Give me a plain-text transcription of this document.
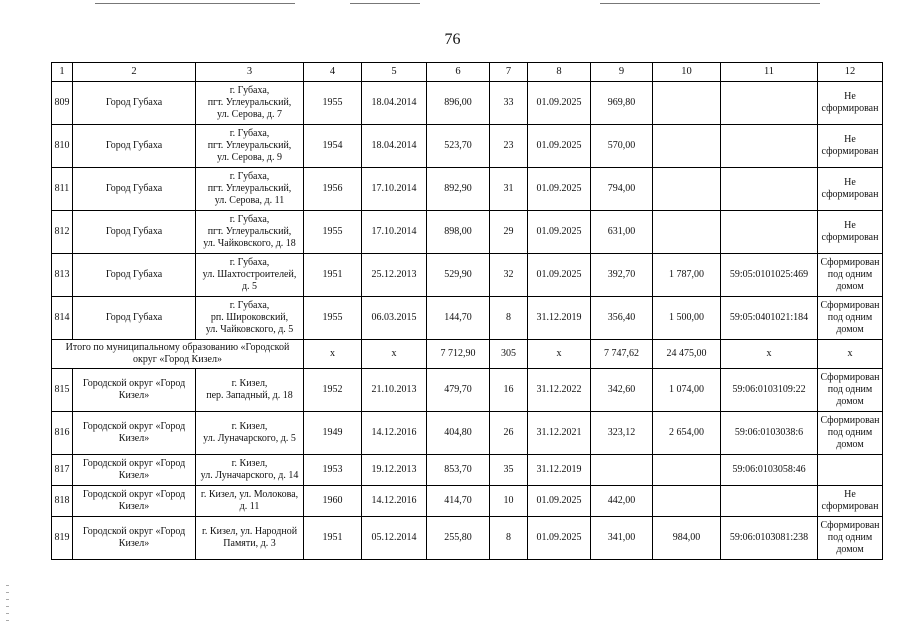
76
1	2	3	4	5	6	7	8	9	10	11	12
809	Город Губаха	г. Губаха,
пгт. Углеуральский,
ул. Серова, д. 7	1955	18.04.2014	896,00	33	01.09.2025	969,80			Не
сформирован
810	Город Губаха	г. Губаха,
пгт. Углеуральский,
ул. Серова, д. 9	1954	18.04.2014	523,70	23	01.09.2025	570,00			Не
сформирован
811	Город Губаха	г. Губаха,
пгт. Углеуральский,
ул. Серова, д. 11	1956	17.10.2014	892,90	31	01.09.2025	794,00			Не
сформирован
812	Город Губаха	г. Губаха,
пгт. Углеуральский,
ул. Чайковского, д. 18	1955	17.10.2014	898,00	29	01.09.2025	631,00			Не
сформирован
813	Город Губаха	г. Губаха,
ул. Шахтостроителей,
д. 5	1951	25.12.2013	529,90	32	01.09.2025	392,70	1 787,00	59:05:0101025:469	Сформирован
под одним
домом
814	Город Губаха	г. Губаха,
рп. Широковский,
ул. Чайковского, д. 5	1955	06.03.2015	144,70	8	31.12.2019	356,40	1 500,00	59:05:0401021:184	Сформирован
под одним
домом
Итого по муниципальному образованию «Городской округ «Город Кизел»			х	х	7 712,90	305	х	7 747,62	24 475,00	х	х
815	Городской округ «Город Кизел»	г. Кизел,
пер. Западный, д. 18	1952	21.10.2013	479,70	16	31.12.2022	342,60	1 074,00	59:06:0103109:22	Сформирован
под одним
домом
816	Городской округ «Город Кизел»	г. Кизел,
ул. Луначарского, д. 5	1949	14.12.2016	404,80	26	31.12.2021	323,12	2 654,00	59:06:0103038:6	Сформирован
под одним
домом
817	Городской округ «Город Кизел»	г. Кизел,
ул. Луначарского, д. 14	1953	19.12.2013	853,70	35	31.12.2019			59:06:0103058:46	
818	Городской округ «Город Кизел»	г. Кизел, ул. Молокова,
д. 11	1960	14.12.2016	414,70	10	01.09.2025	442,00			Не
сформирован
819	Городской округ «Город Кизел»	г. Кизел, ул. Народной
Памяти, д. 3	1951	05.12.2014	255,80	8	01.09.2025	341,00	984,00	59:06:0103081:238	Сформирован
под одним
домом
